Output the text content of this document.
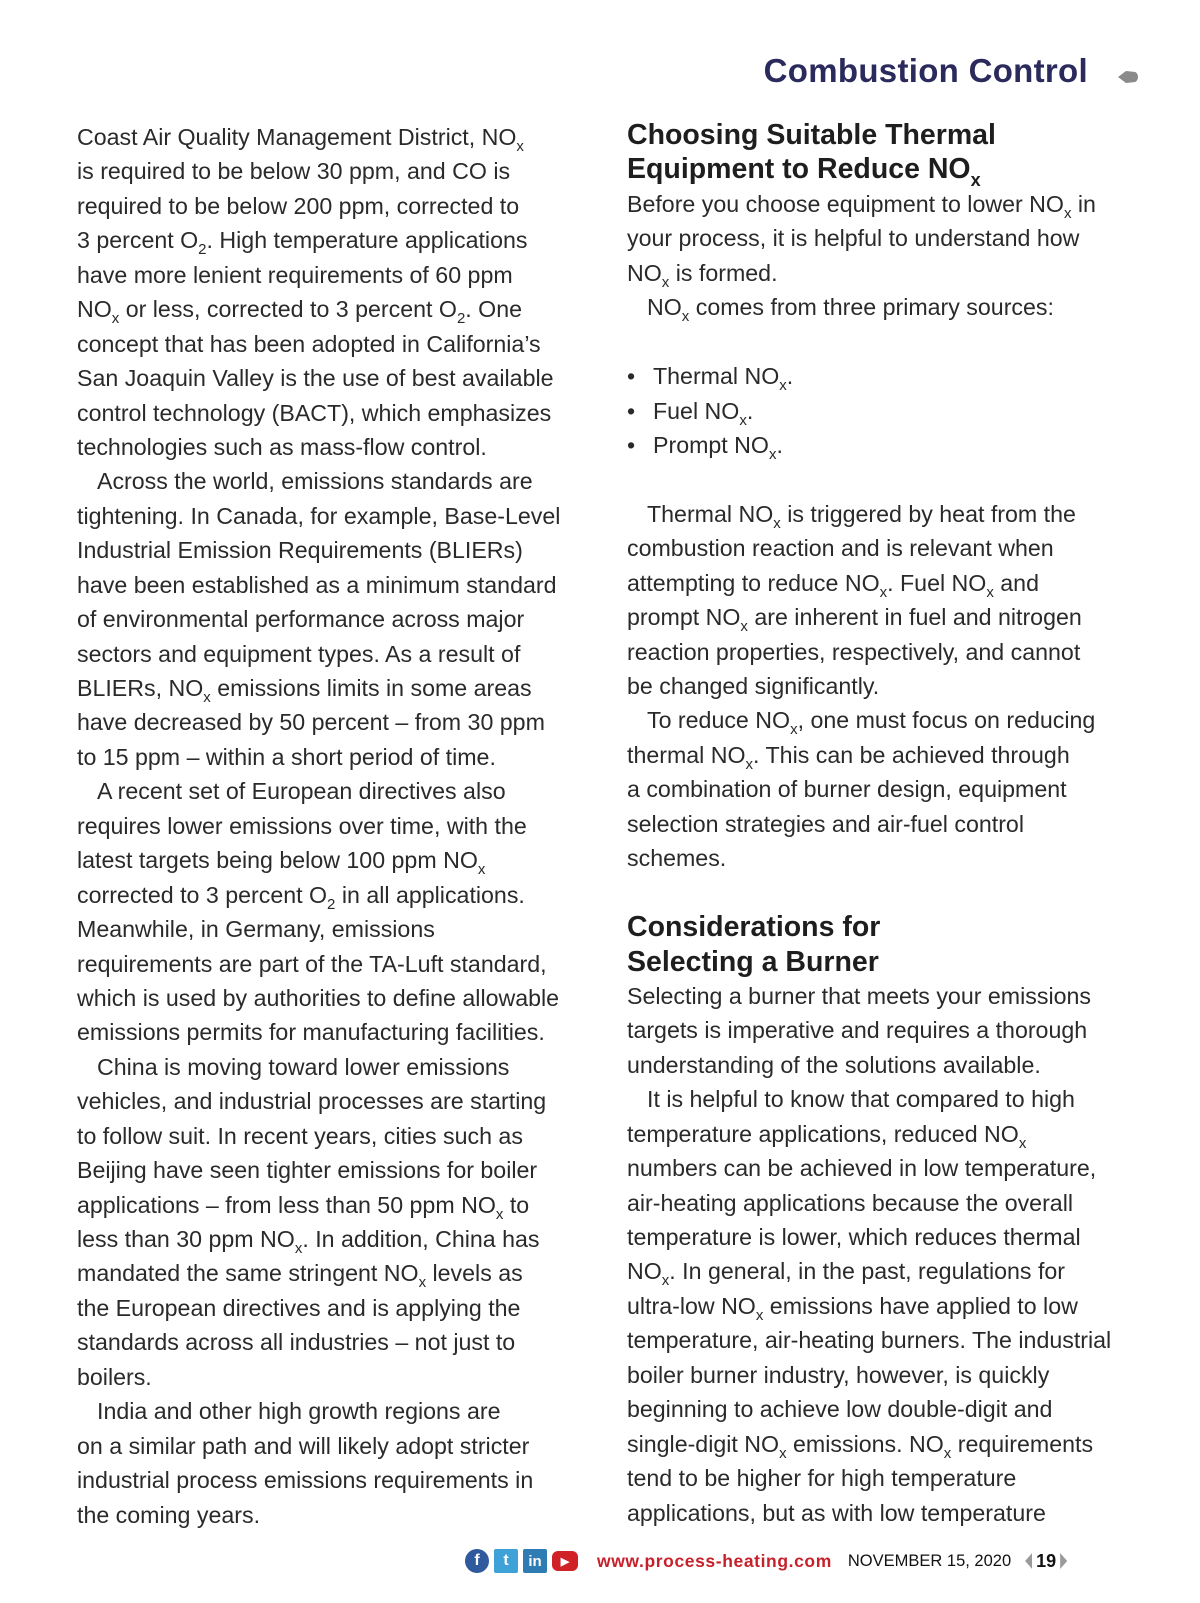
Combustion Control
Coast Air Quality Management District, $NO_x$
is required to be below 30 ppm, and CO is
required to be below 200 ppm, corrected to
3 percent $O_2$. High temperature applications
have more lenient requirements of 60 ppm
$NO_x$ or less, corrected to 3 percent $O_2$. One
concept that has been adopted in California’s
San Joaquin Valley is the use of best available
control technology (BACT), which emphasizes
technologies such as mass-flow control.
Across the world, emissions standards are
tightening. In Canada, for example, Base-Level
Industrial Emission Requirements (BLIERs)
have been established as a minimum standard
of environmental performance across major
sectors and equipment types. As a result of
BLIERs, $NO_x$ emissions limits in some areas
have decreased by 50 percent – from 30 ppm
to 15 ppm – within a short period of time.
A recent set of European directives also
requires lower emissions over time, with the
latest targets being below 100 ppm $NO_x$
corrected to 3 percent $O_2$ in all applications.
Meanwhile, in Germany, emissions
requirements are part of the TA-Luft standard,
which is used by authorities to define allowable
emissions permits for manufacturing facilities.
China is moving toward lower emissions
vehicles, and industrial processes are starting
to follow suit. In recent years, cities such as
Beijing have seen tighter emissions for boiler
applications – from less than 50 ppm $NO_x$ to
less than 30 ppm $NO_x$. In addition, China has
mandated the same stringent $NO_x$ levels as
the European directives and is applying the
standards across all industries – not just to
boilers.
India and other high growth regions are
on a similar path and will likely adopt stricter
industrial process emissions requirements in
the coming years.
Choosing Suitable Thermal
Equipment to Reduce $NO_x$
Before you choose equipment to lower $NO_x$ in
your process, it is helpful to understand how
$NO_x$ is formed.
$NO_x$ comes from three primary sources:
• Thermal $NO_x$.
• Fuel $NO_x$.
• Prompt $NO_x$.
Thermal $NO_x$ is triggered by heat from the
combustion reaction and is relevant when
attempting to reduce $NO_x$. Fuel $NO_x$ and
prompt $NO_x$ are inherent in fuel and nitrogen
reaction properties, respectively, and cannot
be changed significantly.
To reduce $NO_x$, one must focus on reducing
thermal $NO_x$. This can be achieved through
a combination of burner design, equipment
selection strategies and air-fuel control
schemes.
Considerations for
Selecting a Burner
Selecting a burner that meets your emissions
targets is imperative and requires a thorough
understanding of the solutions available.
It is helpful to know that compared to high
temperature applications, reduced $NO_x$
numbers can be achieved in low temperature,
air-heating applications because the overall
temperature is lower, which reduces thermal
$NO_x$. In general, in the past, regulations for
ultra-low $NO_x$ emissions have applied to low
temperature, air-heating burners. The industrial
boiler burner industry, however, is quickly
beginning to achieve low double-digit and
single-digit $NO_x$ emissions. $NO_x$ requirements
tend to be higher for high temperature
applications, but as with low temperature
f	t	in	▶	www.process-heating.com NOVEMBER 15, 2020 19
